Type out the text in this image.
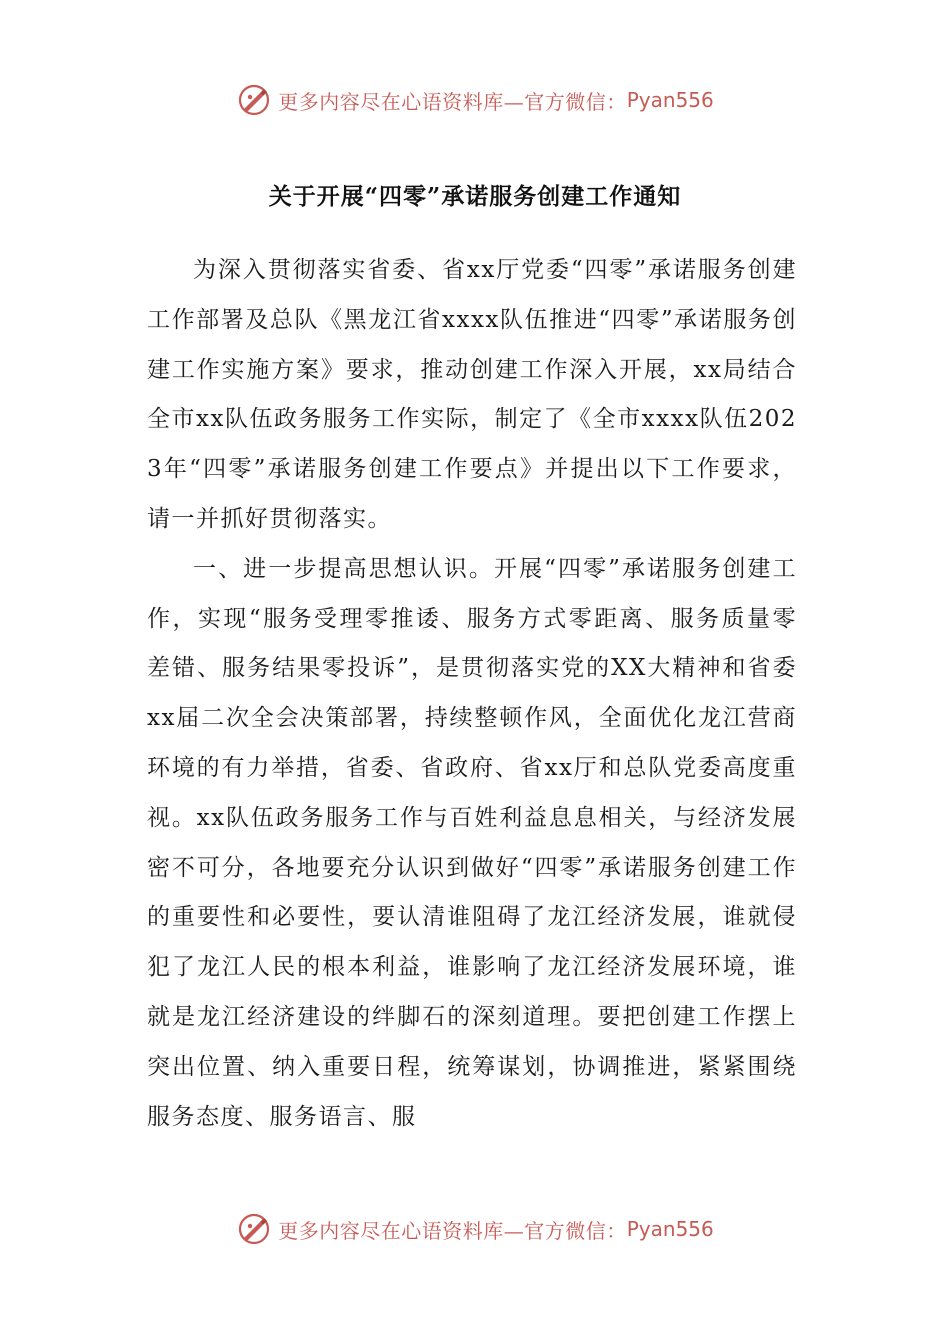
更多内容尽在心语资料库—官方微信： Pyan556
关于开展“四零”承诺服务创建工作通知

为深入贯彻落实省委、省xx厅党委“四零”承诺服务创建工作部署及总队《黑龙江省xxxx队伍推进“四零”承诺服务创建工作实施方案》要求，推动创建工作深入开展，xx局结合全市xx队伍政务服务工作实际，制定了《全市xxxx队伍2023年“四零”承诺服务创建工作要点》并提出以下工作要求，请一并抓好贯彻落实。

一、进一步提高思想认识。开展“四零”承诺服务创建工作，实现“服务受理零推诿、服务方式零距离、服务质量零差错、服务结果零投诉”，是贯彻落实党的XX大精神和省委xx届二次全会决策部署，持续整顿作风，全面优化龙江营商环境的有力举措，省委、省政府、省xx厅和总队党委高度重视。xx队伍政务服务工作与百姓利益息息相关，与经济发展密不可分，各地要充分认识到做好“四零”承诺服务创建工作的重要性和必要性，要认清谁阻碍了龙江经济发展，谁就侵犯了龙江人民的根本利益，谁影响了龙江经济发展环境，谁就是龙江经济建设的绊脚石的深刻道理。要把创建工作摆上突出位置、纳入重要日程，统筹谋划，协调推进，紧紧围绕服务态度、服务语言、服

更多内容尽在心语资料库—官方微信： Pyan556
